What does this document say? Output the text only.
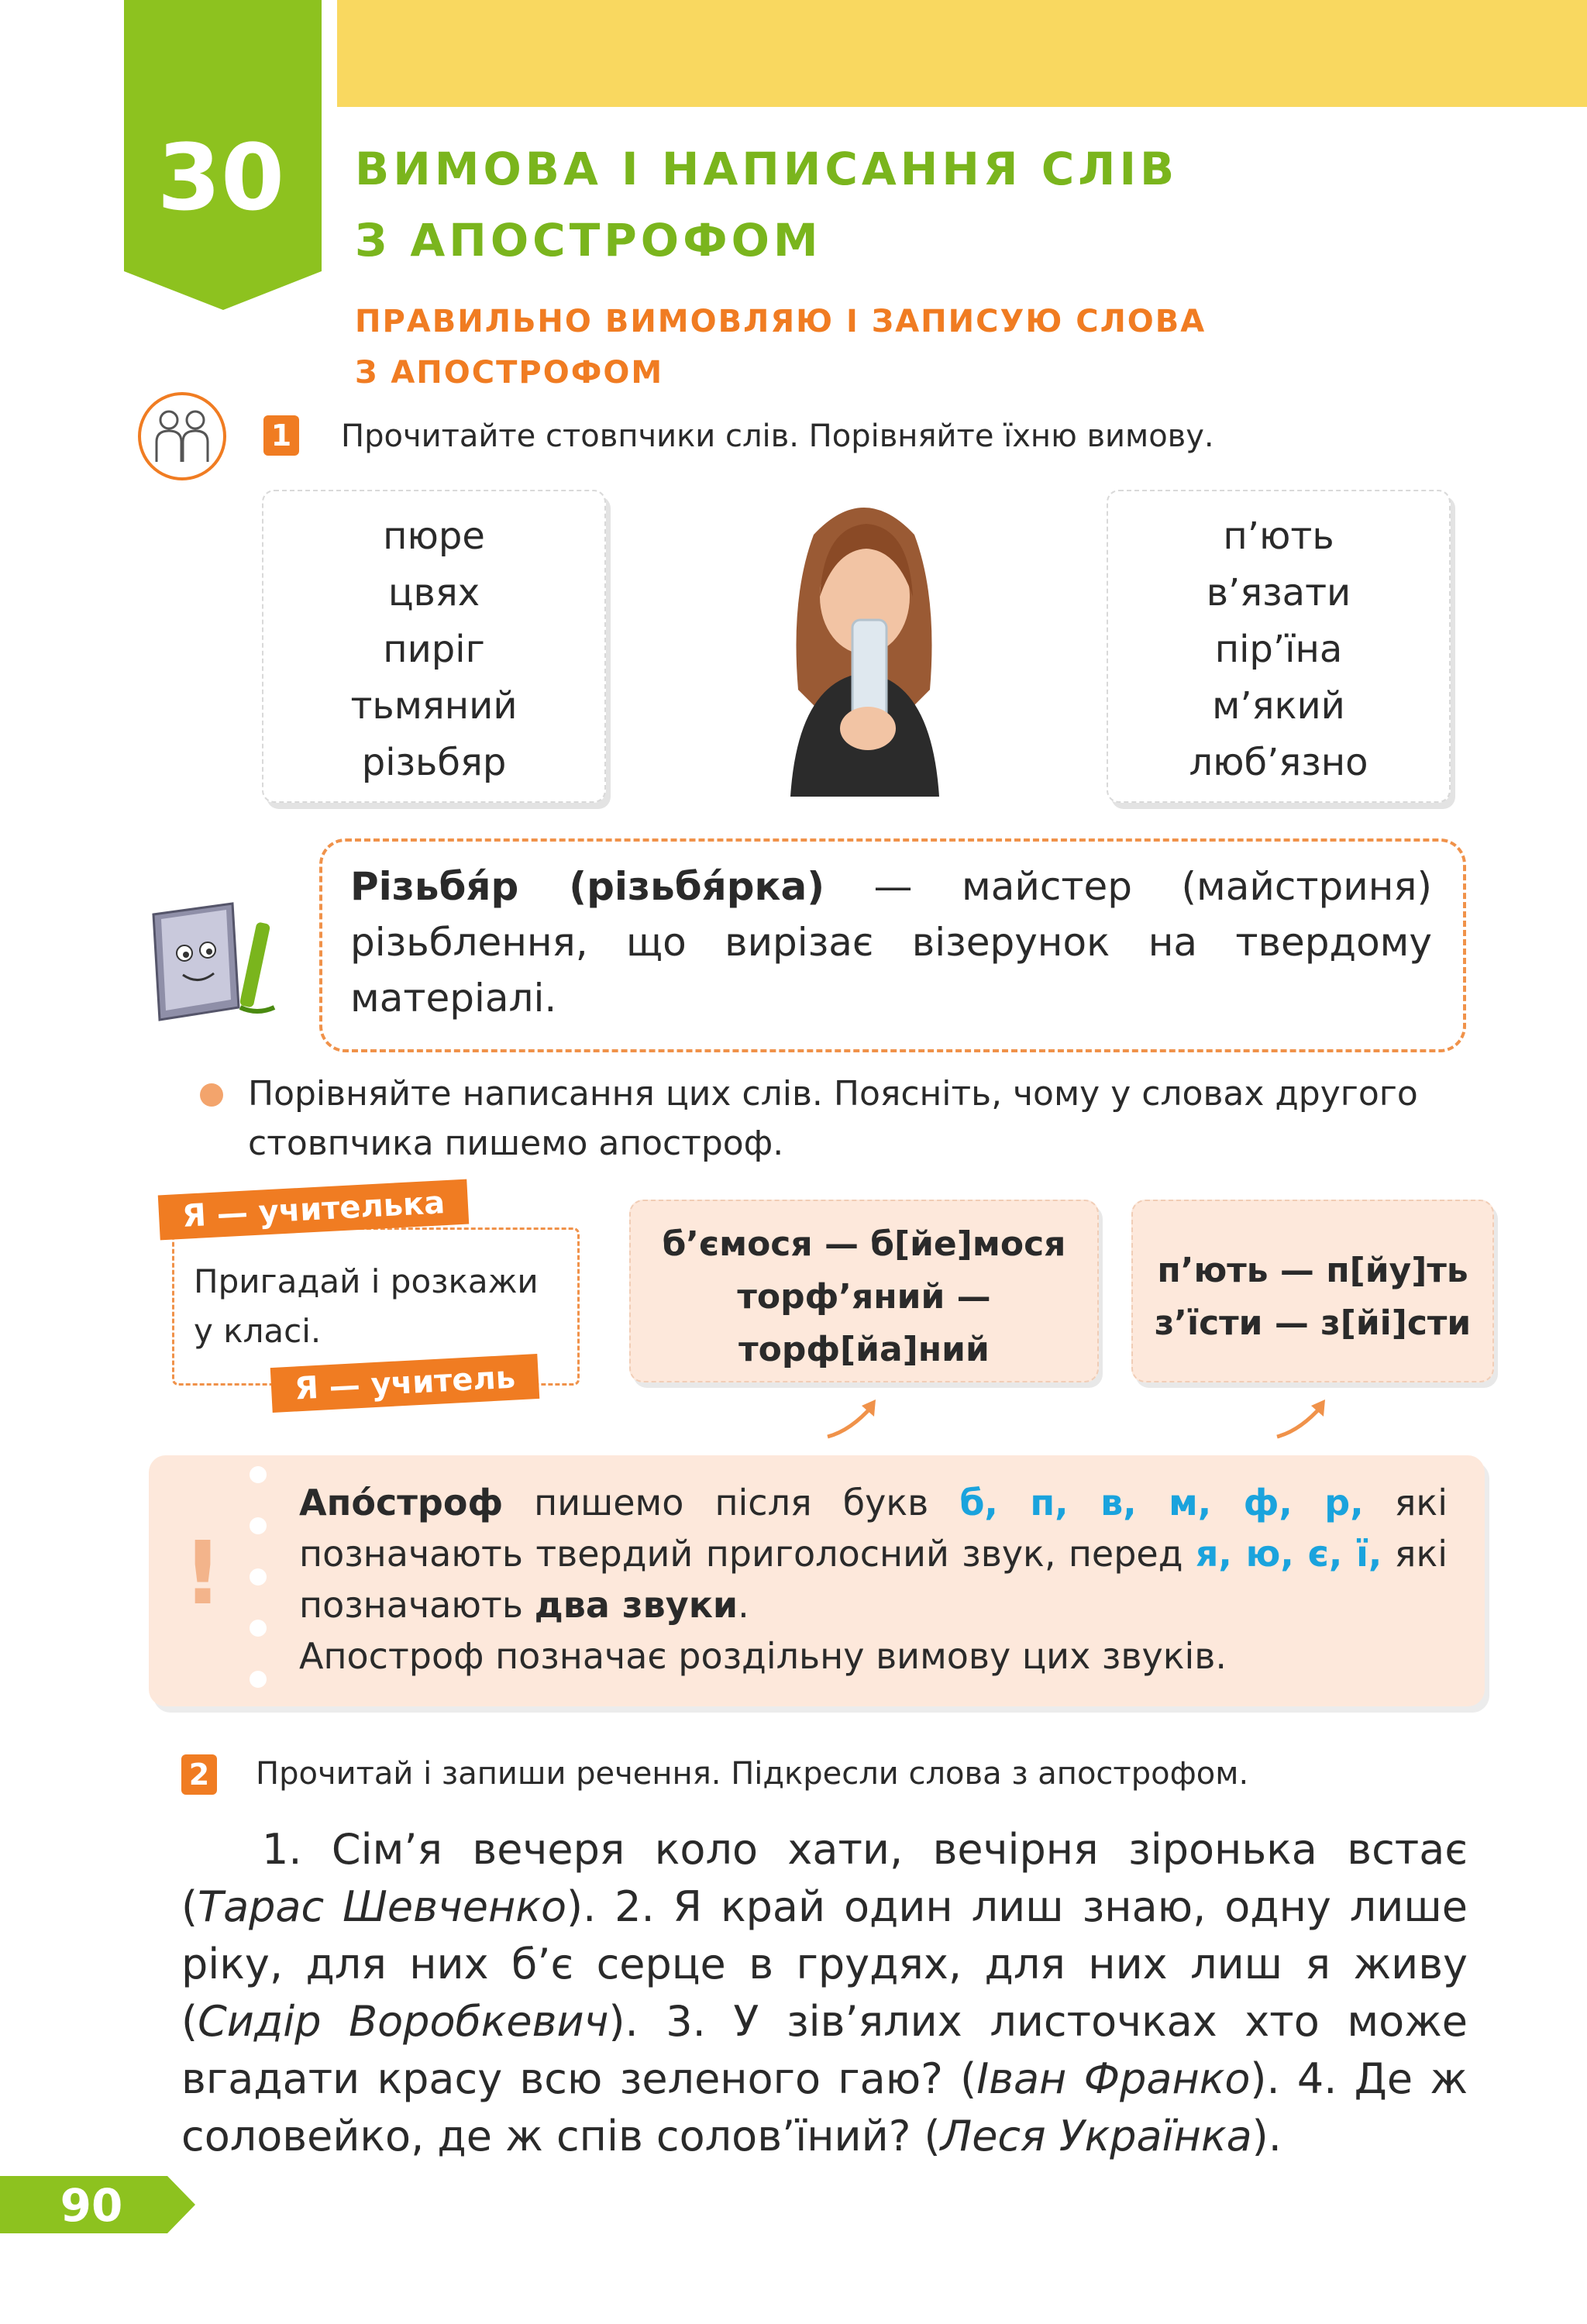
30	ВИМОВА І НАПИСАННЯ СЛІВ
З АПОСТРОФОМ
ПРАВИЛЬНО ВИМОВЛЯЮ І ЗАПИСУЮ СЛОВА
З АПОСТРОФОМ
1 Прочитайте стовпчики слів. Порівняйте їхню вимову.
пюре
цвях
пиріг
тьмяний
різьбяр
п’ють
в’язати
пір’їна
м’який
люб’язно
Різьбя́р (різьбя́рка) — майстер (майстриня) різьблення, що вирізає візерунок на твердому матеріалі.
Порівняйте написання цих слів. Поясніть, чому у словах другого стовпчика пишемо апостроф.
Я — учителька
Пригадай і розкажи у класі.
Я — учитель
б’ємося — б[йе]мося
торф’яний —
торф[йа]ний
п’ють — п[йу]ть
з’їсти — з[йі]сти
!
Апо́строф пишемо після букв б, п, в, м, ф, р, які позначають твердий приголосний звук, перед я, ю, є, ї, які позначають два звуки.
Апостроф позначає роздільну вимову цих звуків.
2 Прочитай і запиши речення. Підкресли слова з апострофом.
1. Сім’я вечеря коло хати, вечірня зіронька встає (Тарас Шевченко). 2. Я край один лиш знаю, одну лише ріку, для них б’є серце в грудях, для них лиш я живу (Сидір Воробкевич). 3. У зів’ялих листочках хто може вгадати красу всю зеленого гаю? (Іван Франко). 4. Де ж соловейко, де ж спів солов’їний? (Леся Українка).
90
